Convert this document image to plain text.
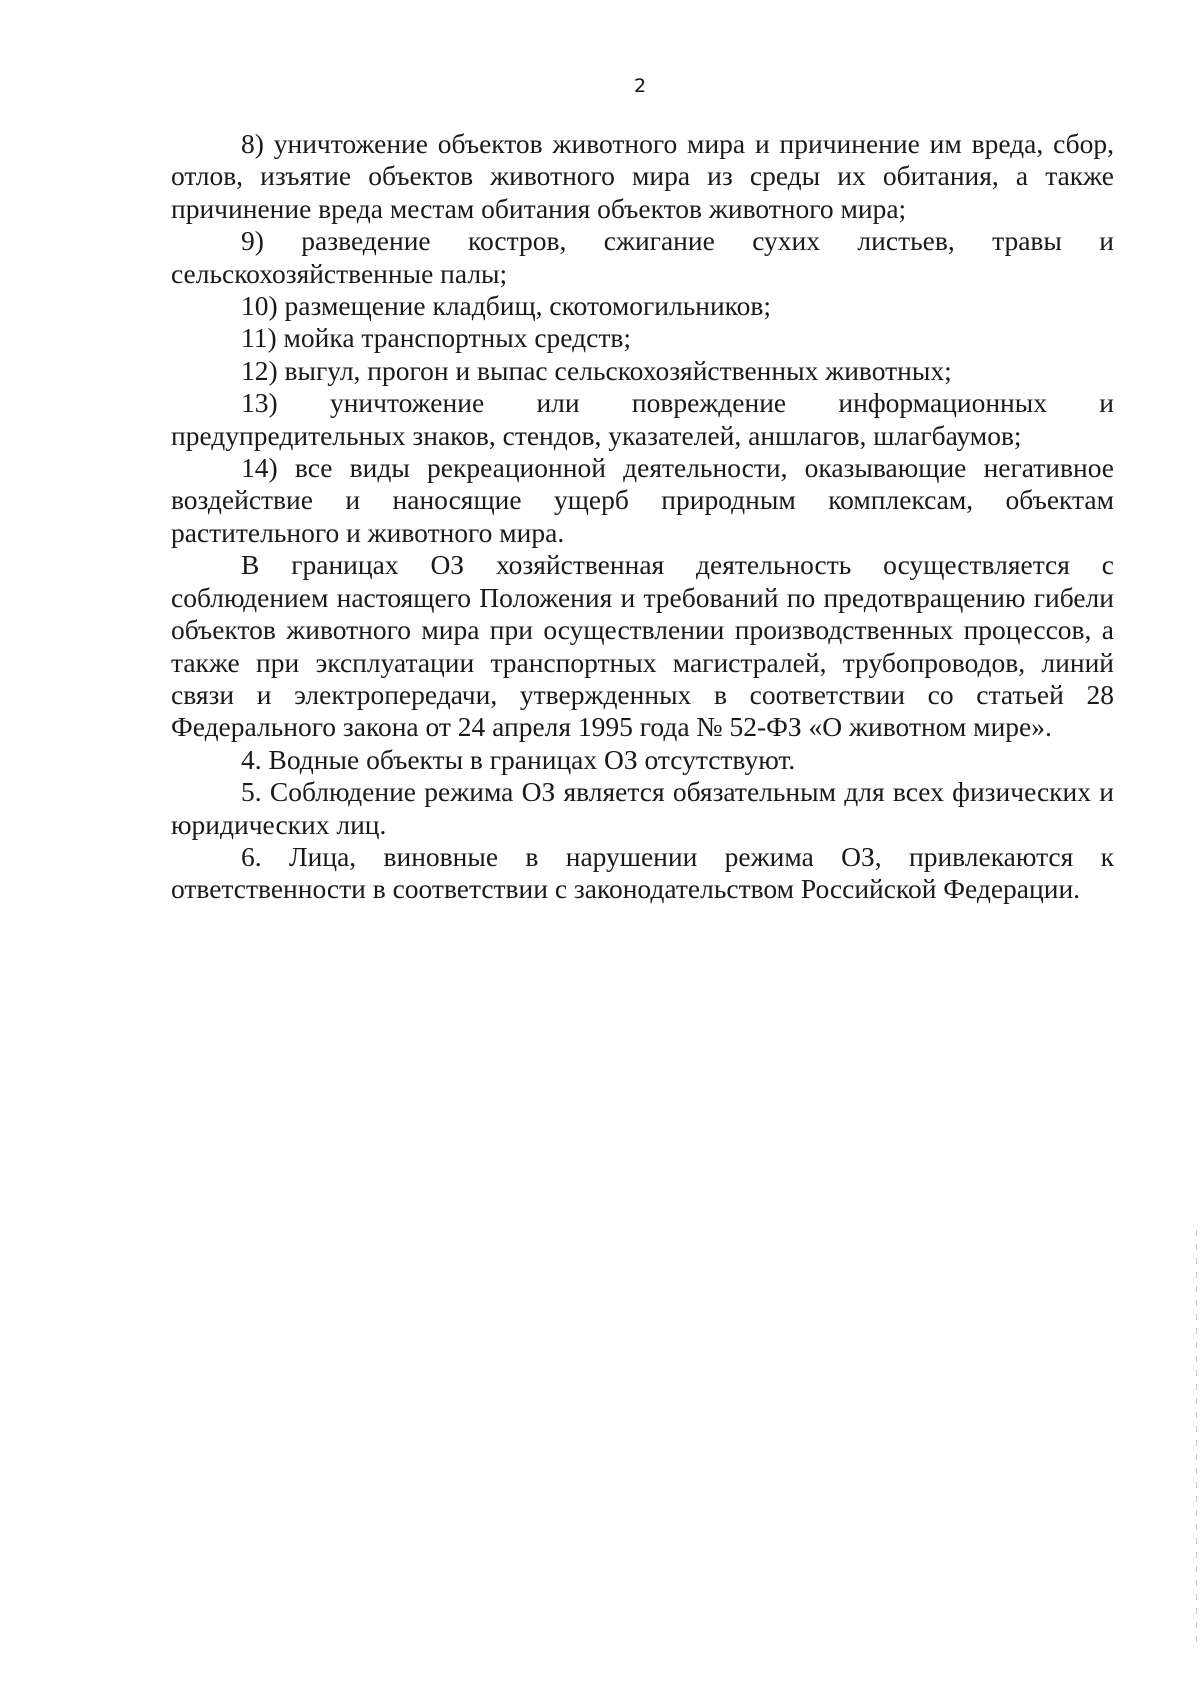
2

8) уничтожение объектов животного мира и причинение им вреда, сбор, отлов, изъятие объектов животного мира из среды их обитания, а также причинение вреда местам обитания объектов животного мира;

9) разведение костров, сжигание сухих листьев, травы и сельскохозяйственные палы;

10) размещение кладбищ, скотомогильников;

11) мойка транспортных средств;

12) выгул, прогон и выпас сельскохозяйственных животных;

13) уничтожение или повреждение информационных и предупредительных знаков, стендов, указателей, аншлагов, шлагбаумов;

14) все виды рекреационной деятельности, оказывающие негативное воздействие и наносящие ущерб природным комплексам, объектам растительного и животного мира.

В границах ОЗ хозяйственная деятельность осуществляется с соблюдением настоящего Положения и требований по предотвращению гибели объектов животного мира при осуществлении производственных процессов, а также при эксплуатации транспортных магистралей, трубопроводов, линий связи и электропередачи, утвержденных в соответствии со статьей 28 Федерального закона от 24 апреля 1995 года № 52-ФЗ «О животном мире».

4. Водные объекты в границах ОЗ отсутствуют.

5. Соблюдение режима ОЗ является обязательным для всех физических и юридических лиц.

6. Лица, виновные в нарушении режима ОЗ, привлекаются к ответственности в соответствии с законодательством Российской Федерации.
